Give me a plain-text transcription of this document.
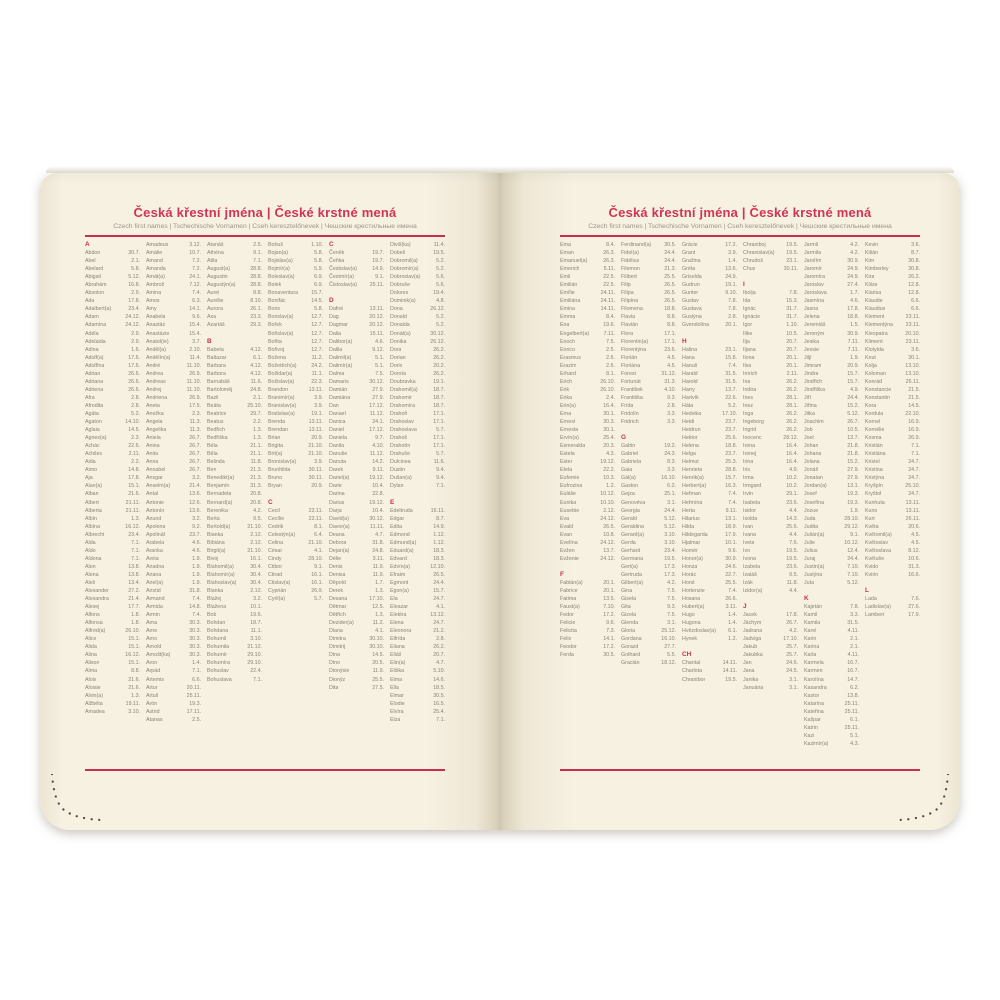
Česká křestní jména | České krstné mená
Czech first names | Tschechische Vornamen | Cseh keresztelőnevek | Чешские крестильные имена
A
Abdon	30.7.
Abel	2.1.
Abelard	5.8.
Abigail	5.12.
Abrahám	16.8.
Absolon	2.9.
Ada	17.8.
Adalbert(a)	23.4.
Adam	24.12.
Adamína	24.12.
Adéla	2.9.
Adelaida	2.9.
Adina	1.6.
Adolf(a)	17.6.
Adolfína	17.6.
Adrian	26.6.
Adriana	26.6.
Adriena	26.6.
Afra	2.8.
Afrodita	2.8.
Agáta	5.2.
Agaton	14.10.
Aglaia	14.5.
Agnes(a)	2.3.
Achác	22.6.
Achiles	2.11.
Aida	2.2.
Aimo	14.8.
Aja	17.8.
Alan(a)	15.1.
Alban	21.6.
Albert	21.11.
Alberta	21.11.
Albín	1.3.
Albína	16.12.
Albrecht	23.4.
Alda	7.1.
Aldo	7.1.
Aldona	7.1.
Alen	13.8.
Alena	13.8.
Aleš	13.4.
Alexander	27.2.
Alexandra	21.4.
Alexej	17.7.
Alfons	1.8.
Alfonsa	1.8.
Alfréd(a)	26.10.
Alice	15.1.
Alida	15.1.
Alina	16.12.
Alison	15.1.
Alma	8.8.
Alois	21.6.
Aloisie	21.6.
Alvin(a)	1.3.
Alžběta	19.11.
Amadea	3.10.
Amadeus	3.12.
Amálie	10.7.
Amand	7.2.
Amanda	7.2.
Amát(a)	24.1.
Ambrož	7.12.
Amina	7.4.
Amos	6.3.
Amy	14.1.
Anabela	9.6.
Anastáz	15.4.
Anastázie	15.4.
Anatol(ie)	3.7.
Anděl(a)	2.10.
Andělín(a)	11.4.
André	11.10.
Andrea	26.9.
Andreas	11.10.
Andrej	11.10.
Andriena	26.9.
Aneta	17.5.
Anežka	2.3.
Angela	11.3.
Angelika	11.3.
Aniela	26.7.
Anina	26.7.
Anita	26.7.
Anna	26.7.
Annabel	26.7.
Ansgar	3.2.
Anselm(a)	21.4.
Antal	13.6.
Antonie	12.6.
Antonín	13.6.
Anund	3.2.
Apolena	9.2.
Apolinář	23.7.
Arabela	4.6.
Aranka	4.6.
Areta	1.9.
Ariadna	1.9.
Ariana	1.9.
Ariel(a)	1.9.
Aristid	31.8.
Armand	7.4.
Armida	14.8.
Armin	7.4.
Arna	30.3.
Arne	30.3.
Arno	30.3.
Arnold	30.3.
Arnošt(ka)	30.3.
Aron	1.4.
Arpád	7.1.
Artemis	6.6.
Artur	20.11.
Artuš	25.11.
Árón	19.3.
Astrid	17.11.
Atanas	2.5.
Atanáš	2.5.
Athéna	9.1.
Atila	7.1.
August(a)	28.8.
Augustin	28.8.
Augustýn(a)	28.8.
Aurel	8.8.
Aurélie	8.10.
Aurora	26.1.
Axa	23.3.
Azariáš	29.3.
B
Babeta	4.12.
Baltazar	6.1.
Barbara	4.12.
Barbora	4.12.
Barnabáš	11.6.
Bartoloměj	24.8.
Bazil	2.1.
Beáta	25.10.
Beatrice	29.7.
Beatus	2.2.
Bedřich	1.3.
Bedřiška	1.3.
Béla	21.1.
Běla	21.1.
Belinda	11.8.
Ben	21.3.
Benedikt(a)	21.3.
Benjamín	31.3.
Bernadeta	20.8.
Bernard(a)	20.8.
Berenika	4.2.
Berta	9.5.
Bertold(a)	21.10.
Bianka	2.12.
Bibiána	2.12.
Birgit(a)	21.10.
Bivoj	16.1.
Blahomil(a)	30.4.
Blahomír(a)	30.4.
Blahoslav(a)	30.4.
Blanka	2.12.
Blažej	3.2.
Blažena	10.1.
Bob	19.6.
Bohdan	18.7.
Bohdana	11.1.
Bohumil	3.10.
Bohumila	21.12.
Bohumír	29.10.
Bohumíra	29.10.
Bohuslav	22.4.
Bohuslava	7.1.
Bohuš	1.10.
Bojan(a)	5.8.
Bojislav(a)	5.8.
Bojmír(a)	5.9.
Boleslav(a)	6.9.
Bolek	6.9.
Bonaventura 15.7.
Bonifác	14.5.
Boris	5.8.
Borislav(a)	12.7.
Bořek	12.7.
Bořislav(a)	12.7.
Bořita	12.7.
Bořivoj	12.7.
Božena	11.2.
Božetěch(a)	24.2.
Božidar(a)	11.1.
Božislav(a)	22.3.
Brandon	13.11.
Branimír(a)	3.9.
Branislav(a)	3.9.
Bratislav(a)	19.1.
Brenda	13.11.
Brendan	13.11.
Brian	20.9.
Brigita	21.10.
Brit(a)	21.10.
Bronislav(a)	3.9.
Brunhilda	30.11.
Bruno	30.11.
Bryan	20.9.
C
Cecil	22.11.
Cecílie	22.11.
Cedrik	8.1.
Celestýn(a)	6.4.
Celina	21.10.
César	4.1.
Cindy	28.10.
Ctibor	9.1.
Ctirad	16.1.
Ctislav(a)	16.1.
Cyprián	26.9.
Cyril(a)	5.7.
Č
Čeněk	19.7.
Čeňka	19.7.
Čestislav(a)	14.9.
Čestmír(a)	9.1.
Čistoslav(a) 25.11.
D
Dafné	13.11.
Dag	20.12.
Dagmar	20.12.
Dalia	15.11.
Dalibor(a)	4.6.
Dalila	9.12.
Dalimil(a)	5.1.
Dalimír(a)	5.1.
Dalma	7.5.
Damaris	30.12.
Damián	27.9.
Damiána	27.9.
Dan	17.12.
Danael	11.12.
Danica	24.1.
Daniel	17.12.
Daniela	9.7.
Danila	4.10.
Danuše	11.12.
Danuta	14.2.
Darek	9.11.
Dariel(a)	19.12.
Darie	10.4.
Darina	22.8.
Darius	19.12.
Darja	10.4.
David(a)	30.12.
Davor(a)	11.11.
Deana	4.7.
Debora	31.8.
Dejan(a)	24.8.
Délie	3.11.
Denis	11.9.
Denisa	11.9.
Děpold	1.7.
Derek	1.3.
Desana	17.10.
Dětmar	12.5.
Dětřich	1.3.
Dezider(a)	11.2.
Diana	4.1.
Dimitra	30.10.
Dimitrij	30.10.
Dina	14.5.
Dino	20.5.
Dionýsie	11.9.
Dionýz	25.5.
Dita	27.5.
Diviš(ka)	11.4.
Dobeš	19.5.
Dobromil(a)	5.2.
Dobromír(a)	5.2.
Dobroslav(a)	5.6.
Dobruše	5.6.
Dolores	19.4.
Dominik(a)	4.8.
Dona	26.12.
Donald	5.2.
Donalda	5.2.
Donát(a)	30.12.
Donika	26.12.
Dora	26.2.
Dorian	26.2.
Doris	20.2.
Dorota	26.2.
Doubravka	19.1.
Drahomil(a)	18.7.
Drahomír	18.7.
Drahomíra	18.7.
Drahoň	17.1.
Drahoslav	17.1.
Drahoslava	5.7.
Drahoš	17.1.
Drahotín	17.1.
Drahuše	5.7.
Dulcinea	11.6.
Dustin	9.4.
Dušan(a)	9.4.
Dylan	7.1.
E
Edeltruda	16.11.
Edgar	8.7.
Edita	14.9.
Edmond	1.12.
Edmund(a)	1.12.
Eduard(a)	18.3.
Edvard	18.3.
Edvín(a)	12.10.
Efraim	26.5.
Egmont	24.4.
Egon(a)	15.7.
Ela	24.7.
Eleazar	4.1.
Elektra	13.12.
Elena	24.7.
Eleonora	21.2.
Elfrída	2.8.
Eliana	26.2.
Eliáš	20.7.
Elin(a)	4.7.
Eliška	5.10.
Elma	14.6.
Ella	18.5.
Elmar	30.5.
Elodie	16.5.
Elvíra	25.4.
Elza	7.1.
Česká křestní jména | České krstné mená
Czech first names | Tschechische Vornamen | Cseh keresztelőnevek | Чешские крестильные имена
Ema	8.4.
Eman	26.3.
Emanuel(a)	26.3.
Emerich	5.11.
Emil	22.5.
Emilián	22.5.
Emílie	24.11.
Emiliána	24.11.
Emina	14.11.
Emma	8.4.
Ena	19.6.
Engelbert(a)	7.11.
Enoch	7.5.
Enrico	2.5.
Erasmus	2.6.
Erazim	2.6.
Erhard	8.1.
Erich	26.10.
Erik	26.10.
Erika	2.4.
Erin(a)	16.4.
Erna	30.1.
Ernest	30.3.
Ernesta	30.1.
Ervín(a)	25.4.
Esmeralda	20.3.
Estela	4.3.
Ester	19.12.
Etela	22.2.
Eufemie	10.3.
Eufrozina	1.2.
Eulálie	10.12.
Eunika	10.10.
Eusebie	2.12.
Eva	24.12.
Evald	26.5.
Evan	10.8.
Evelína	24.12.
Evžen	13.7.
Evženie	24.12.
F
Fabián(a)	20.1.
Fabrice	20.1.
Fatima	13.5.
Faust(a)	7.10.
Fedor	17.2.
Felicie	9.6.
Felicita	7.3.
Felix	14.1.
Feodor	17.2.
Ferda	30.5.
Ferdinand(a) 30.5.
Fidel(a)	24.4.
Fidélius	24.4.
Filemon	21.3.
Filibert	25.5.
Filip	26.5.
Filipa	26.5.
Filipína	26.5.
Filomena	18.8.
Flavia	8.8.
Flavián	8.8.
Flora	17.1.
Florentin(a)	17.1.
Florentýna	23.6.
Florián	4.5.
Floriána	4.5.
Forest	31.12.
Fortunát	31.3.
František	4.10.
Františka	9.3.
Frída	2.8.
Fridolín	3.3.
Fridrich	3.3.
G
Gabin	19.2.
Gabriel	24.3.
Gabriela	8.3.
Gaia	3.3.
Gál(a)	16.10.
Gaston	6.2.
Gejza	25.1.
Genovéva	3.1.
Georgia	24.4.
Gerald	5.12.
Geraldina	5.12.
Gerard(a)	3.10.
Gerda	3.10.
Gerhard	23.4.
Germana	19.5.
Gert(a)	17.3.
Gertruda	17.3.
Gilbert(a)	4.2.
Gina	7.5.
Gisela	7.5.
Gita	9.3.
Gizela	7.5.
Glenda	3.1.
Gloria	25.12.
Gordana	16.10.
Gorazd	27.7.
Gothard	5.5.
Gracián	18.12.
Grácie	17.2.
Grant	3.9.
Gražina	1.4.
Gréta	13.6.
Griselda	24.9.
Gudrun	19.1.
Gunter	9.10.
Gustav	7.8.
Gustava	7.8.
Gustýna	2.8.
Gvendolína	20.1.
H
Halina	23.1.
Hana	15.8.
Hanuš	7.4.
Harald	31.5.
Harold	31.5.
Harry	13.7.
Hartvík	22.6.
Háta	5.2.
Hedvika	17.10.
Heidi	23.7.
Heidrun	23.7.
Hektor	25.6.
Helena	18.8.
Helga	23.7.
Helmut	25.3.
Henrieta	28.8.
Henrik(a)	15.7.
Herbert(a)	16.3.
Heřman	7.4.
Heřmína	7.4.
Herta	9.11.
Hilarius	13.1.
Hilda	18.9.
Hildegarda	17.9.
Hjalmar	10.1.
Homér	9.6.
Honor(a)	30.9.
Honza	24.6.
Horác	22.7.
Horst	25.5.
Hortenzie	7.4.
Hosana	26.6.
Hubert(a)	3.11.
Hugo	1.4.
Hugona	1.4.
Hvězdoslav(a) 6.1.
Hynek	1.2.
CH
Chantal	14.11.
Charlota	14.11.
Chranibor	19.5.
Chraniboj	19.5.
Chranislav(a) 19.5.
Chrudoš	23.1.
Chus	30.11.
I
Ibolja	7.8.
Ida	15.3.
Ignác	31.7.
Ignácie	31.7.
Igor	1.10.
Ilike	10.5.
Ilja	20.7.
Iljana	20.7.
Ilona	20.1.
Ilsa	20.1.
Imrich	2.11.
Ina	26.2.
Indira	26.2.
Ines	28.1.
Inez	28.1.
Inga	26.2.
Ingeborg	26.2.
Ingrid	26.2.
Inocenc	28.12.
Irena	16.4.
Irenej	16.4.
Irina	16.4.
Iris	4.9.
Irma	10.2.
Irmgard	10.2.
Irvin	29.1.
Isabela	23.6.
Isidor	4.4.
Isolda	14.3.
Ivan	25.6.
Ivana	4.4.
Iveta	7.6.
Ivo	19.5.
Ivona	19.5.
Izabela	23.6.
Izaiáš	9.5.
Izák	11.8.
Izidor(a)	4.4.
J
Jacek	17.8.
Jáchym	26.7.
Jadrana	4.2.
Jadviga	17.10.
Jakub	25.7.
Jakubka	25.7.
Jan	24.6.
Jana	24.5.
Janika	3.1.
Januária	3.1.
Jarmil	4.2.
Jarmila	4.2.
Jarolím	30.9.
Jaromír	24.9.
Jaromíra	24.9.
Jaroslav	27.4.
Jaroslava	1.7.
Jasmína	4.6.
Jasna	17.8.
Jelena	18.8.
Jeremiáš	1.5.
Jeroným	30.9.
Jesika	7.11.
Jessie	7.11.
Jiljí	1.9.
Jimram	20.9.
Jindra	15.7.
Jindřich	15.7.
Jindřiška	4.9.
Jiří	24.4.
Jiřina	15.2.
Jitka	5.12.
Joachim	26.7.
Job	10.5.
Joel	13.7.
Johan	21.8.
Johana	21.8.
Jolana	15.2.
Jonáš	27.9.
Jonatan	27.9.
Jordan(a)	13.1.
Josef	19.3.
Josefína	19.3.
Jozue	1.9.
Juda	28.10.
Judita	29.12.
Julián(a)	9.1.
Julie	10.12.
Julius	12.4.
Juraj	24.4.
Justin(a)	7.10.
Justýna	7.10.
Juta	5.12.
K
Kajetán	7.8.
Kamil	3.3.
Kamila	31.5.
Karel	4.11.
Karin	2.1.
Karina	2.1.
Karla	4.11.
Karmela	16.7.
Karmen	16.7.
Karolína	14.7.
Kasandra	6.2.
Kastor	13.8.
Katarína	25.11.
Kateřina	25.11.
Kašpar	6.1.
Katrin	25.11.
Kazi	5.1.
Kazimír(a)	4.3.
Kevin	3.6.
Kilián	8.7.
Kim	30.8.
Kimberley	30.8.
Kira	26.2.
Klára	12.8.
Klarisa	12.8.
Klaudie	6.6.
Klaudius	6.6.
Klement	23.11.
Klementýna 23.11.
Kleopatra	20.10.
Kliment	23.11.
Klotylda	3.6.
Knut	30.1.
Kolja	13.10.
Koloman	13.10.
Konrád	26.11.
Konstancie	21.5.
Konstantin	21.5.
Kora	14.5.
Kordula	22.10.
Kornel	16.9.
Kornélie	16.9.
Kosma	26.9.
Kristián	7.1.
Kristiána	7.1.
Kristel	24.7.
Kristina	24.7.
Kristýna	24.7.
Kryšpín	25.10.
Kryštof	24.7.
Kunhuta	13.11.
Kuno	13.11.
Kurt	26.11.
Květa	20.6.
Květomil(a)	4.5.
Květoslav	4.5.
Květoslava	8.12.
Květuše	10.6.
Kvido	31.3.
Kvirin	16.6.
L
Lada	7.6.
Ladislav(a)	27.6.
Lambert	17.9.
